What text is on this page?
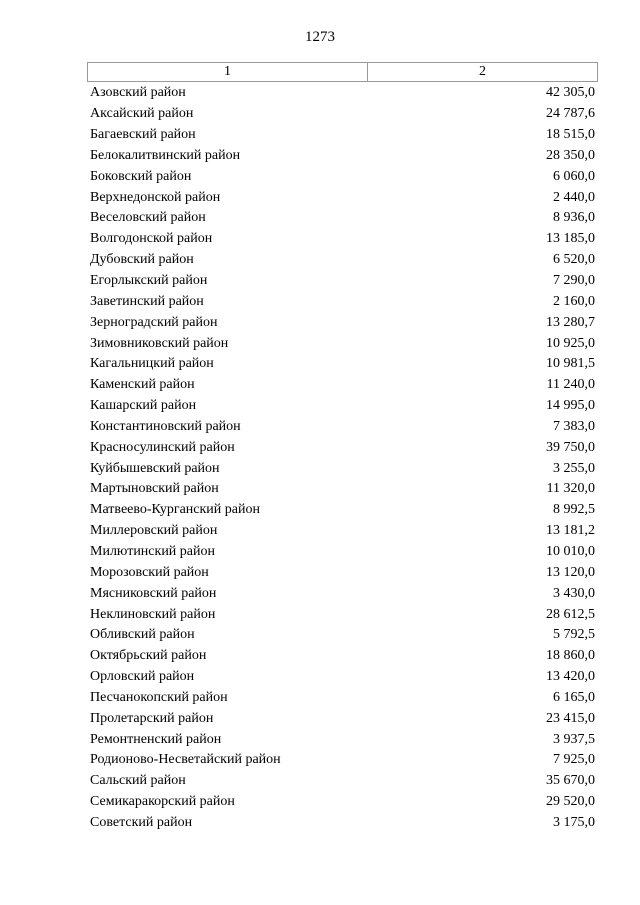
1273
1	2
Азовский район	42 305,0
Аксайский район	24 787,6
Багаевский район	18 515,0
Белокалитвинский район	28 350,0
Боковский район	6 060,0
Верхнедонской район	2 440,0
Веселовский район	8 936,0
Волгодонской район	13 185,0
Дубовский район	6 520,0
Егорлыкский район	7 290,0
Заветинский район	2 160,0
Зерноградский район	13 280,7
Зимовниковский район	10 925,0
Кагальницкий район	10 981,5
Каменский район	11 240,0
Кашарский район	14 995,0
Константиновский район	7 383,0
Красносулинский район	39 750,0
Куйбышевский район	3 255,0
Мартыновский район	11 320,0
Матвеево-Курганский район	8 992,5
Миллеровский район	13 181,2
Милютинский район	10 010,0
Морозовский район	13 120,0
Мясниковский район	3 430,0
Неклиновский район	28 612,5
Обливский район	5 792,5
Октябрьский район	18 860,0
Орловский район	13 420,0
Песчанокопский район	6 165,0
Пролетарский район	23 415,0
Ремонтненский район	3 937,5
Родионово-Несветайский район	7 925,0
Сальский район	35 670,0
Семикаракорский район	29 520,0
Советский район	3 175,0
